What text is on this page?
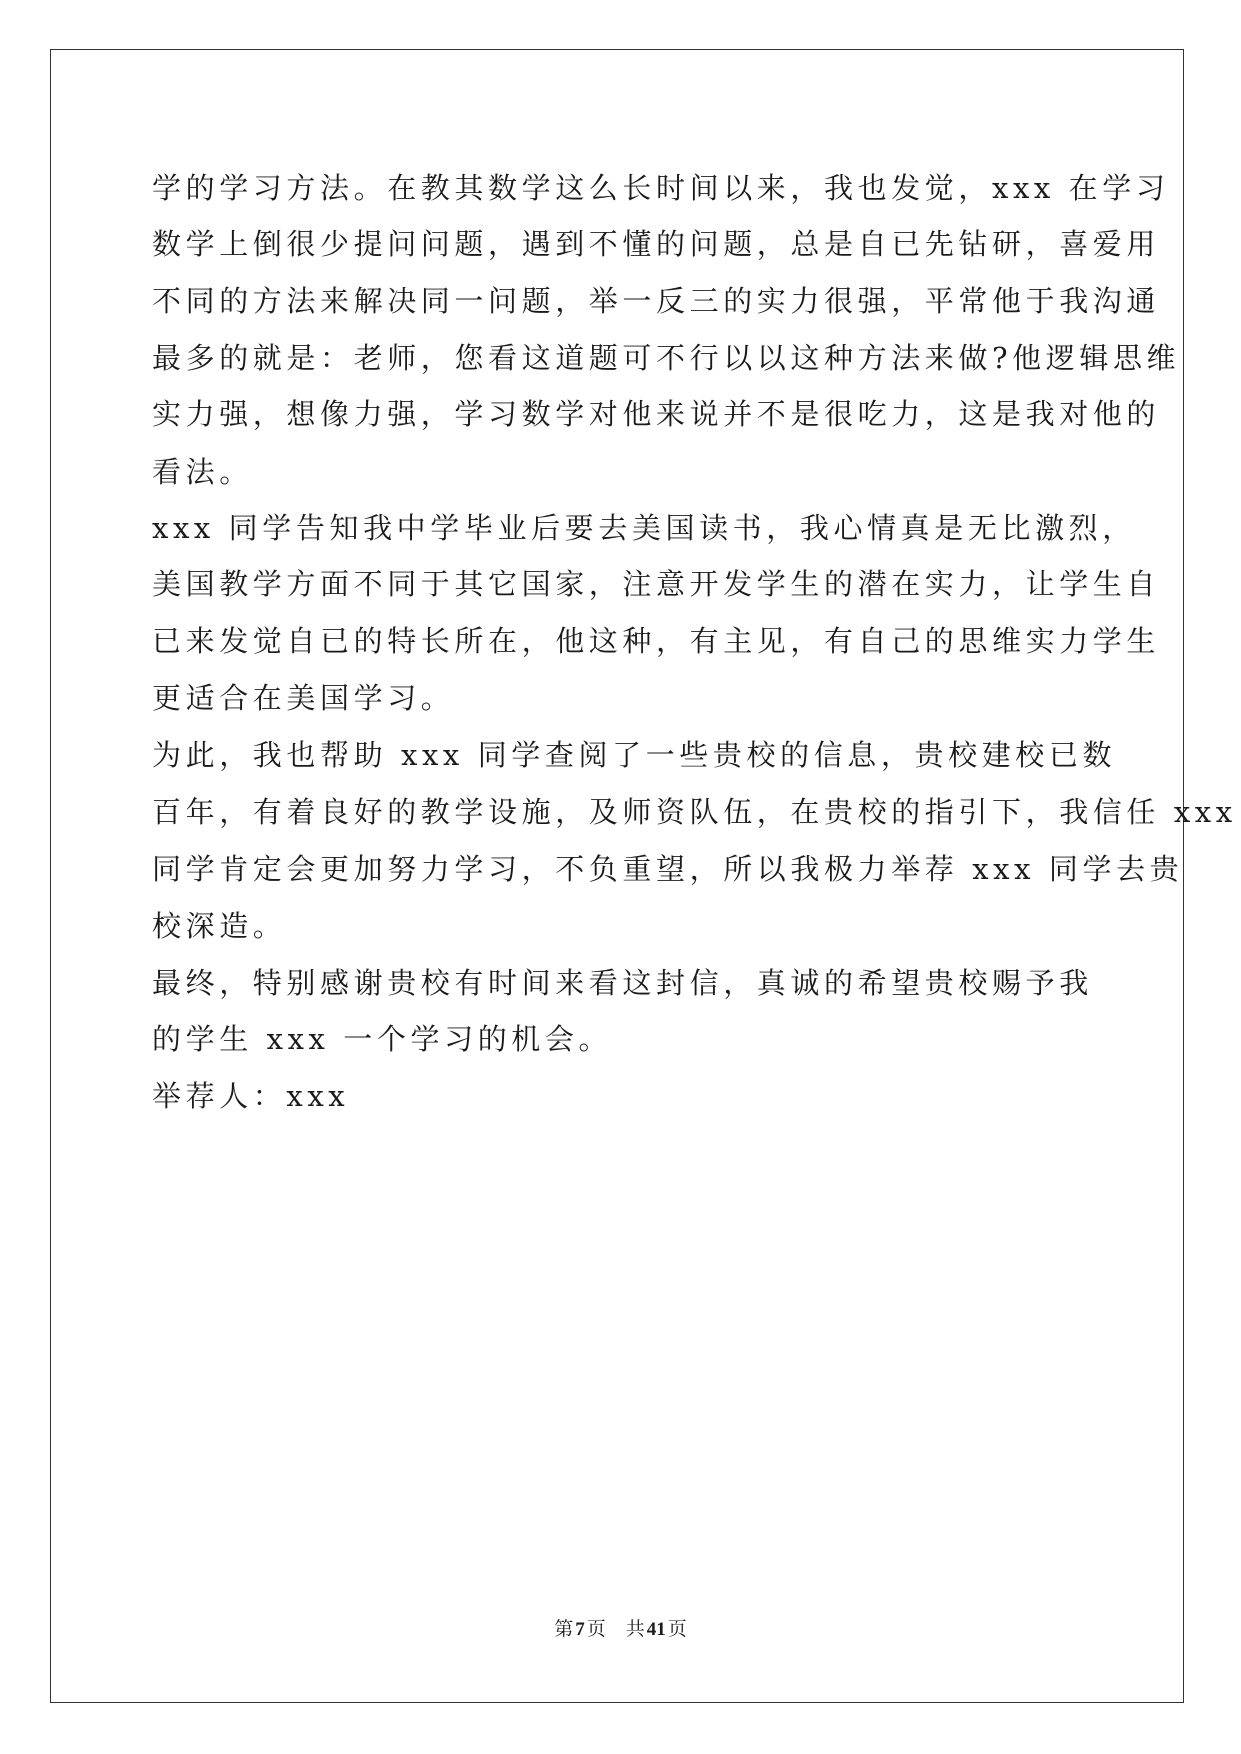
学的学习方法。在教其数学这么长时间以来，我也发觉，xxx 在学习
数学上倒很少提问问题，遇到不懂的问题，总是自已先钻研，喜爱用
不同的方法来解决同一问题，举一反三的实力很强，平常他于我沟通
最多的就是：老师，您看这道题可不行以以这种方法来做?他逻辑思维
实力强，想像力强，学习数学对他来说并不是很吃力，这是我对他的
看法。
xxx 同学告知我中学毕业后要去美国读书，我心情真是无比激烈，
美国教学方面不同于其它国家，注意开发学生的潜在实力，让学生自
已来发觉自已的特长所在，他这种，有主见，有自己的思维实力学生
更适合在美国学习。
为此，我也帮助 xxx 同学查阅了一些贵校的信息，贵校建校已数
百年，有着良好的教学设施，及师资队伍，在贵校的指引下，我信任 xxx
同学肯定会更加努力学习，不负重望，所以我极力举荐 xxx 同学去贵
校深造。
最终，特别感谢贵校有时间来看这封信，真诚的希望贵校赐予我
的学生 xxx 一个学习的机会。
举荐人：xxx
第 7 页 共 41 页
